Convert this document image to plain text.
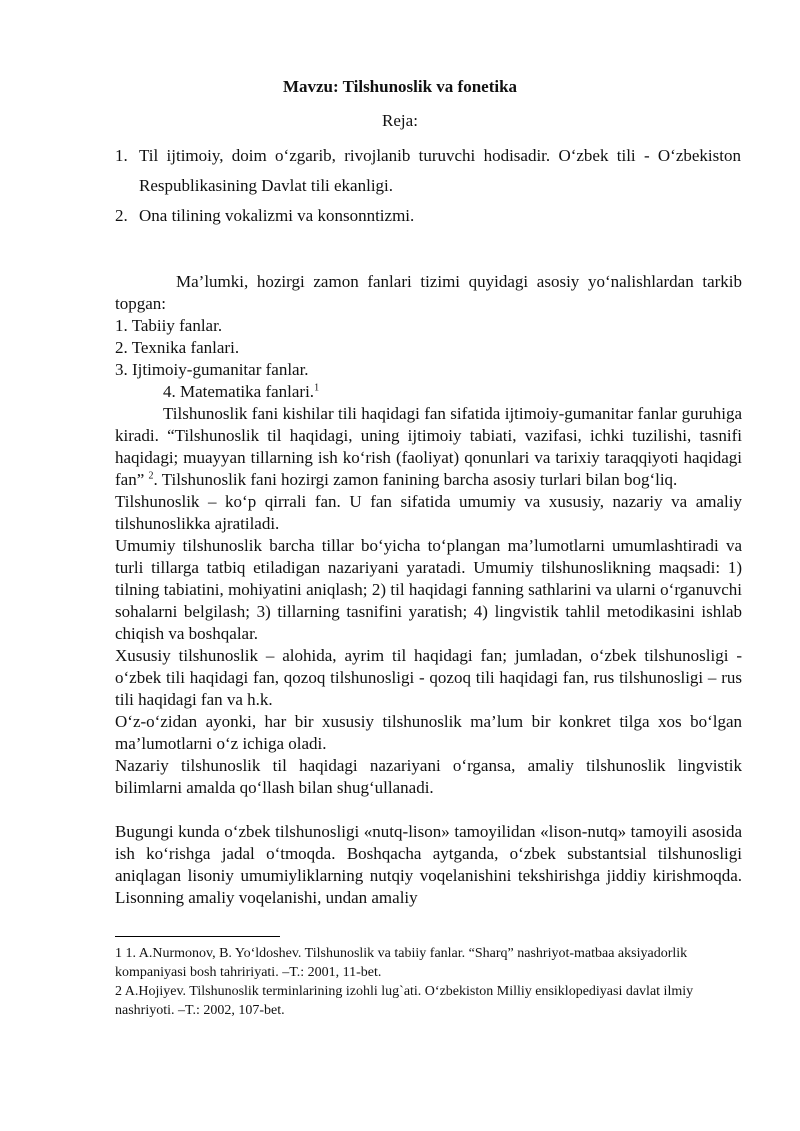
Mavzu: Tilshunoslik va fonetika
Reja:
1. Til ijtimoiy, doim o‘zgarib, rivojlanib turuvchi hodisadir. O‘zbek tili - O‘zbekiston Respublikasining Davlat tili ekanligi.
2. Ona tilining vokalizmi va konsonntizmi.

Ma’lumki, hozirgi zamon fanlari tizimi quyidagi asosiy yo‘nalishlardan tarkib topgan:

1. Tabiiy fanlar.

2. Texnika fanlari.

3. Ijtimoiy-gumanitar fanlar.

4. Matematika fanlari.$^1$

Tilshunoslik fani kishilar tili haqidagi fan sifatida ijtimoiy-gumanitar fanlar guruhiga kiradi. “Tilshunoslik til haqidagi, uning ijtimoiy tabiati, vazifasi, ichki tuzilishi, tasnifi haqidagi; muayyan tillarning ish ko‘rish (faoliyat) qonunlari va tarixiy taraqqiyoti haqidagi fan” $^2$. Tilshunoslik fani hozirgi zamon fanining barcha asosiy turlari bilan bog‘liq.

Tilshunoslik – ko‘p qirrali fan. U fan sifatida umumiy va xususiy, nazariy va amaliy tilshunoslikka ajratiladi.

Umumiy tilshunoslik barcha tillar bo‘yicha to‘plangan ma’lumotlarni umumlashtiradi va turli tillarga tatbiq etiladigan nazariyani yaratadi. Umumiy tilshunoslikning maqsadi: 1) tilning tabiatini, mohiyatini aniqlash; 2) til haqidagi fanning sathlarini va ularni o‘rganuvchi sohalarni belgilash; 3) tillarning tasnifini yaratish; 4) lingvistik tahlil metodikasini ishlab chiqish va boshqalar.

Xususiy tilshunoslik – alohida, ayrim til haqidagi fan; jumladan, o‘zbek tilshunosligi - o‘zbek tili haqidagi fan, qozoq tilshunosligi - qozoq tili haqidagi fan, rus tilshunosligi – rus tili haqidagi fan va h.k.

O‘z-o‘zidan ayonki, har bir xususiy tilshunoslik ma’lum bir konkret tilga xos bo‘lgan ma’lumotlarni o‘z ichiga oladi.

Nazariy tilshunoslik til haqidagi nazariyani o‘rgansa, amaliy tilshunoslik lingvistik bilimlarni amalda qo‘llash bilan shug‘ullanadi.

Bugungi kunda o‘zbek tilshunosligi «nutq-lison» tamoyilidan «lison-nutq» tamoyili asosida ish ko‘rishga jadal o‘tmoqda. Boshqacha aytganda, o‘zbek substantsial tilshunosligi aniqlagan lisoniy umumiyliklarning nutqiy voqelanishini tekshirishga jiddiy kirishmoqda. Lisonning amaliy voqelanishi, undan amaliy

1 1. A.Nurmonov, B. Yo‘ldoshev. Tilshunoslik va tabiiy fanlar. “Sharq” nashriyot-matbaa aksiyadorlik kompaniyasi bosh tahririyati. –T.: 2001, 11-bet.

2 A.Hojiyev. Tilshunoslik terminlarining izohli lug`ati. O‘zbekiston Milliy ensiklopediyasi davlat ilmiy nashriyoti. –T.: 2002, 107-bet.
